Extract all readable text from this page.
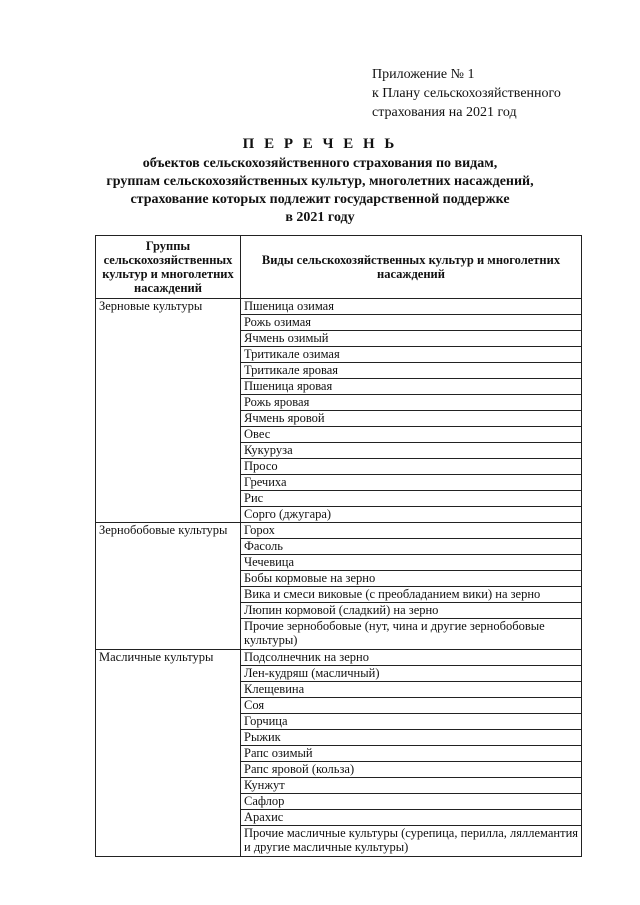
Приложение № 1
к Плану сельскохозяйственного
страхования на 2021 год
П Е Р Е Ч Е Н Ь
объектов сельскохозяйственного страхования по видам,
группам сельскохозяйственных культур, многолетних насаждений,
страхование которых подлежит государственной поддержке
в 2021 году
Группы сельскохозяйственных культур и многолетних насаждений	Виды сельскохозяйственных культур и многолетних насаждений
Зерновые культуры	Пшеница озимая
	Рожь озимая
	Ячмень озимый
	Тритикале озимая
	Тритикале яровая
	Пшеница яровая
	Рожь яровая
	Ячмень яровой
	Овес
	Кукуруза
	Просо
	Гречиха
	Рис
	Сорго (джугара)
Зернобобовые культуры	Горох
	Фасоль
	Чечевица
	Бобы кормовые на зерно
	Вика и смеси виковые (с преобладанием вики) на зерно
	Люпин кормовой (сладкий) на зерно
	Прочие зернобобовые (нут, чина и другие зернобобовые культуры)
Масличные культуры	Подсолнечник на зерно
	Лен-кудряш (масличный)
	Клещевина
	Соя
	Горчица
	Рыжик
	Рапс озимый
	Рапс яровой (кольза)
	Кунжут
	Сафлор
	Арахис
	Прочие масличные культуры (сурепица, перилла, ляллемантия и другие масличные культуры)
